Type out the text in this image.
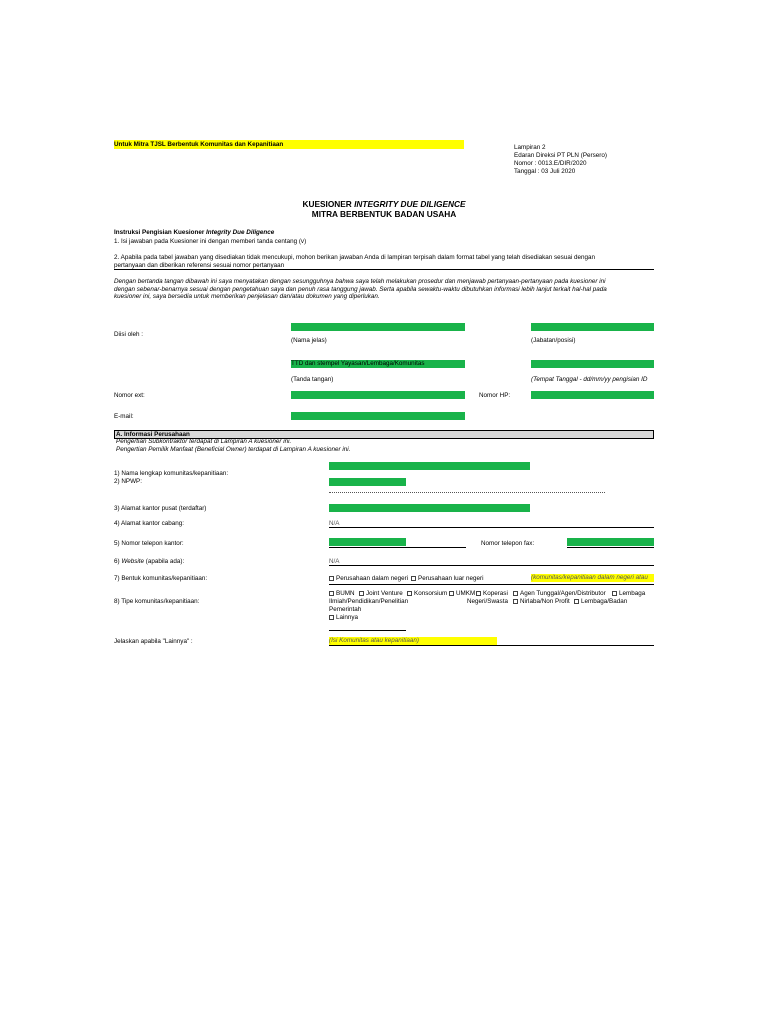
Untuk Mitra TJSL Berbentuk Komunitas dan Kepanitiaan	Lampiran 2
Edaran Direksi PT PLN (Persero)
Nomor : 0013.E/DIR/2020
Tanggal : 03 Juli 2020
KUESIONER INTEGRITY DUE DILIGENCE
MITRA BERBENTUK BADAN USAHA
Instruksi Pengisian Kuesioner Integrity Due Diligence
1. Isi jawaban pada Kuesioner ini dengan memberi tanda centang (v)
2. Apabila pada tabel jawaban yang disediakan tidak mencukupi, mohon berikan jawaban Anda di lampiran terpisah dalam format tabel yang telah disediakan sesuai dengan
pertanyaan dan diberikan referensi sesuai nomor pertanyaan
Dengan bertanda tangan dibawah ini saya menyatakan dengan sesungguhnya bahwa saya telah melakukan prosedur dan menjawab pertanyaan-pertanyaan pada kuesioner ini
dengan sebenar-benarnya sesuai dengan pengetahuan saya dan penuh rasa tanggung jawab. Serta apabila sewaktu-waktu dibutuhkan informasi lebih lanjut terkait hal-hal pada
kuesioner ini, saya bersedia untuk memberikan penjelasan dan/atau dokumen yang diperlukan.
Diisi oleh :
(Nama jelas)	(Jabatan/posisi)
TTD dan stempel Yayasan/Lembaga/Komunitas
(Tanda tangan)	(Tempat Tanggal - dd/mm/yy pengisian ID
Nomor ext:	Nomor HP:
E-mail:
A. Informasi Perusahaan
Pengertian Subkontraktor terdapat di Lampiran A kuesioner ini.
Pengertian Pemilik Manfaat (Beneficial Owner) terdapat di Lampiran A kuesioner ini.
1) Nama lengkap komunitas/kepanitiaan:
2) NPWP:
3) Alamat kantor pusat (terdaftar)
4) Alamat kantor cabang:	N/A
5) Nomor telepon kantor:	Nomor telepon fax:
6) Website (apabila ada):	N/A
7) Bentuk komunitas/kepanitiaan:	Perusahaan dalam negeri	Perusahaan luar negeri	(komunitas/kepanitiaan dalam negeri atau
8) Tipe komunitas/kepanitiaan:
BUMN	Joint Venture	Konsorsium	UMKM	Koperasi	Agen Tunggal/Agen/Distributor	Lembaga
Ilmiah/Pendidikan/Penelitian	Negeri/Swasta	Nirlaba/Non Profit	Lembaga/Badan
Pemerintah
Lainnya
Jelaskan apabila "Lainnya" :	(Isi Komunitas atau kepanitiaan)
